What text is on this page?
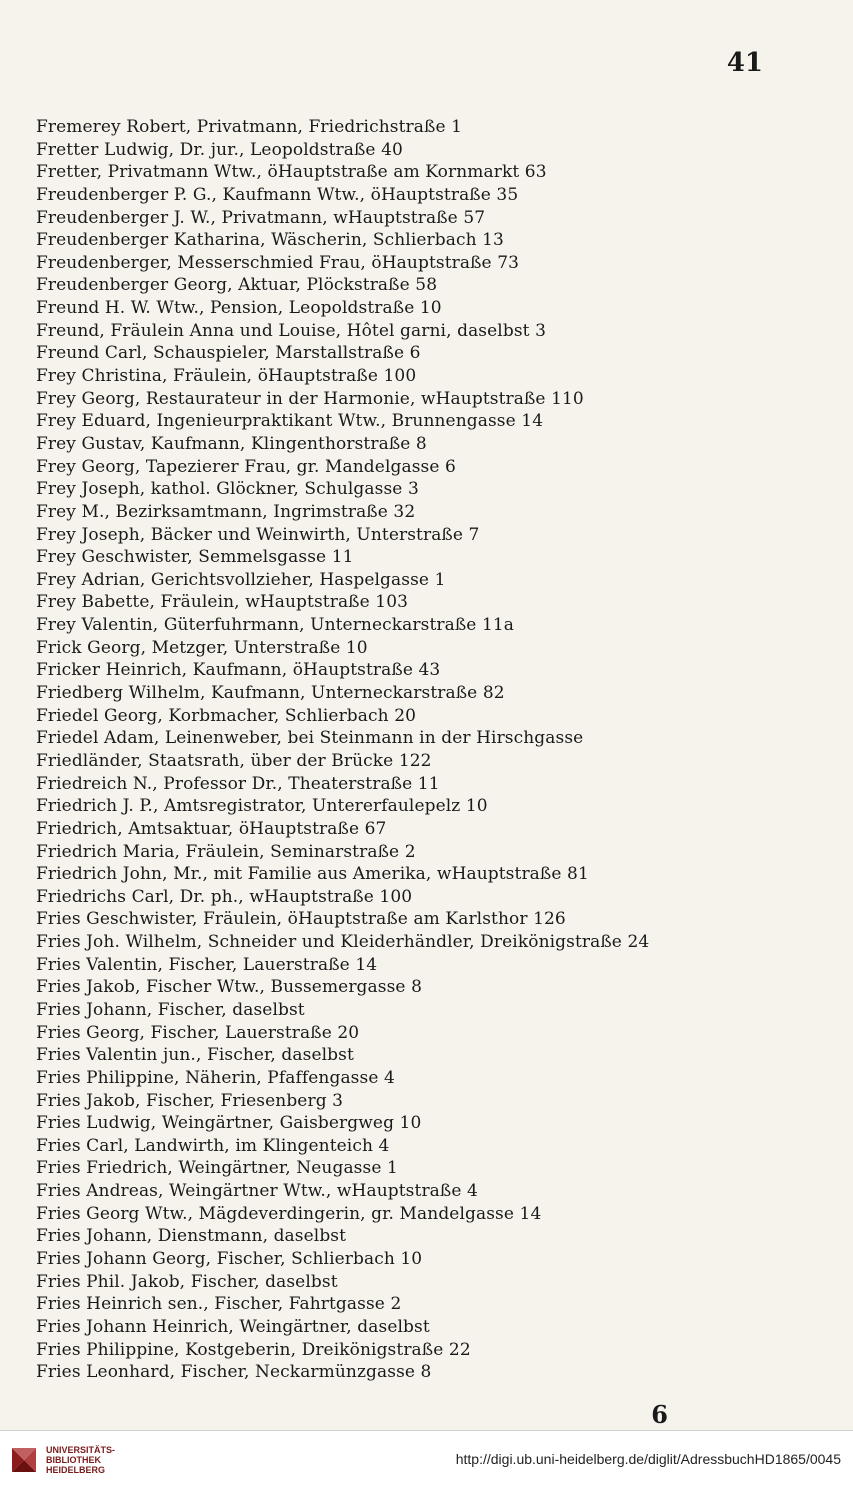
41
Fremerey Robert, Privatmann, Friedrichstraße 1
Fretter Ludwig, Dr. jur., Leopoldstraße 40
Fretter, Privatmann Wtw., öHauptstraße am Kornmarkt 63
Freudenberger P. G., Kaufmann Wtw., öHauptstraße 35
Freudenberger J. W., Privatmann, wHauptstraße 57
Freudenberger Katharina, Wäscherin, Schlierbach 13
Freudenberger, Messerschmied Frau, öHauptstraße 73
Freudenberger Georg, Aktuar, Plöckstraße 58
Freund H. W. Wtw., Pension, Leopoldstraße 10
Freund, Fräulein Anna und Louise, Hôtel garni, daselbst 3
Freund Carl, Schauspieler, Marstallstraße 6
Frey Christina, Fräulein, öHauptstraße 100
Frey Georg, Restaurateur in der Harmonie, wHauptstraße 110
Frey Eduard, Ingenieurpraktikant Wtw., Brunnengasse 14
Frey Gustav, Kaufmann, Klingenthorstraße 8
Frey Georg, Tapezierer Frau, gr. Mandelgasse 6
Frey Joseph, kathol. Glöckner, Schulgasse 3
Frey M., Bezirksamtmann, Ingrimstraße 32
Frey Joseph, Bäcker und Weinwirth, Unterstraße 7
Frey Geschwister, Semmelsgasse 11
Frey Adrian, Gerichtsvollzieher, Haspelgasse 1
Frey Babette, Fräulein, wHauptstraße 103
Frey Valentin, Güterfuhrmann, Unterneckarstraße 11a
Frick Georg, Metzger, Unterstraße 10
Fricker Heinrich, Kaufmann, öHauptstraße 43
Friedberg Wilhelm, Kaufmann, Unterneckarstraße 82
Friedel Georg, Korbmacher, Schlierbach 20
Friedel Adam, Leinenweber, bei Steinmann in der Hirschgasse
Friedländer, Staatsrath, über der Brücke 122
Friedreich N., Professor Dr., Theaterstraße 11
Friedrich J. P., Amtsregistrator, Untererfaulepelz 10
Friedrich, Amtsaktuar, öHauptstraße 67
Friedrich Maria, Fräulein, Seminarstraße 2
Friedrich John, Mr., mit Familie aus Amerika, wHauptstraße 81
Friedrichs Carl, Dr. ph., wHauptstraße 100
Fries Geschwister, Fräulein, öHauptstraße am Karlsthor 126
Fries Joh. Wilhelm, Schneider und Kleiderhändler, Dreikönigstraße 24
Fries Valentin, Fischer, Lauerstraße 14
Fries Jakob, Fischer Wtw., Bussemergasse 8
Fries Johann, Fischer, daselbst
Fries Georg, Fischer, Lauerstraße 20
Fries Valentin jun., Fischer, daselbst
Fries Philippine, Näherin, Pfaffengasse 4
Fries Jakob, Fischer, Friesenberg 3
Fries Ludwig, Weingärtner, Gaisbergweg 10
Fries Carl, Landwirth, im Klingenteich 4
Fries Friedrich, Weingärtner, Neugasse 1
Fries Andreas, Weingärtner Wtw., wHauptstraße 4
Fries Georg Wtw., Mägdeverdingerin, gr. Mandelgasse 14
Fries Johann, Dienstmann, daselbst
Fries Johann Georg, Fischer, Schlierbach 10
Fries Phil. Jakob, Fischer, daselbst
Fries Heinrich sen., Fischer, Fahrtgasse 2
Fries Johann Heinrich, Weingärtner, daselbst
Fries Philippine, Kostgeberin, Dreikönigstraße 22
Fries Leonhard, Fischer, Neckarmünzgasse 8
6
UNIVERSITÄTS-
BIBLIOTHEK
HEIDELBERG
http://digi.ub.uni-heidelberg.de/diglit/AdressbuchHD1865/0045
